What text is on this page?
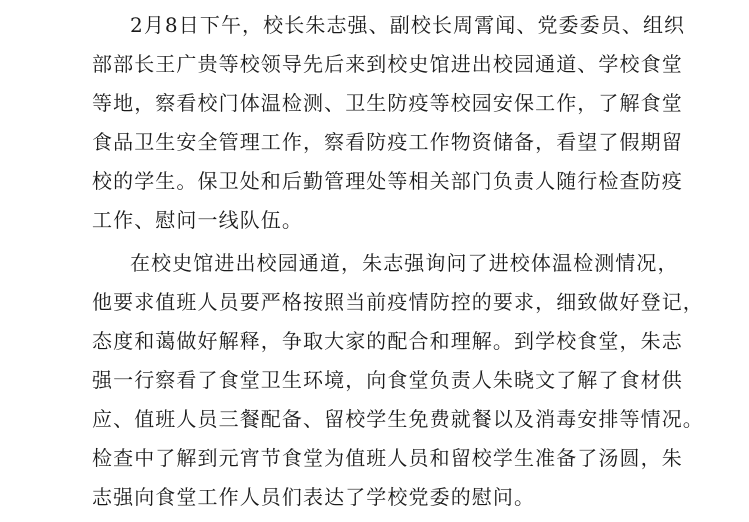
2月8日下午，校长朱志强、副校长周霄闻、党委委员、组织
部部长王广贵等校领导先后来到校史馆进出校园通道、学校食堂
等地，察看校门体温检测、卫生防疫等校园安保工作，了解食堂
食品卫生安全管理工作，察看防疫工作物资储备，看望了假期留
校的学生。保卫处和后勤管理处等相关部门负责人随行检查防疫
工作、慰问一线队伍。
在校史馆进出校园通道，朱志强询问了进校体温检测情况，
他要求值班人员要严格按照当前疫情防控的要求，细致做好登记，
态度和蔼做好解释，争取大家的配合和理解。到学校食堂，朱志
强一行察看了食堂卫生环境，向食堂负责人朱晓文了解了食材供
应、值班人员三餐配备、留校学生免费就餐以及消毒安排等情况。
检查中了解到元宵节食堂为值班人员和留校学生准备了汤圆，朱
志强向食堂工作人员们表达了学校党委的慰问。
